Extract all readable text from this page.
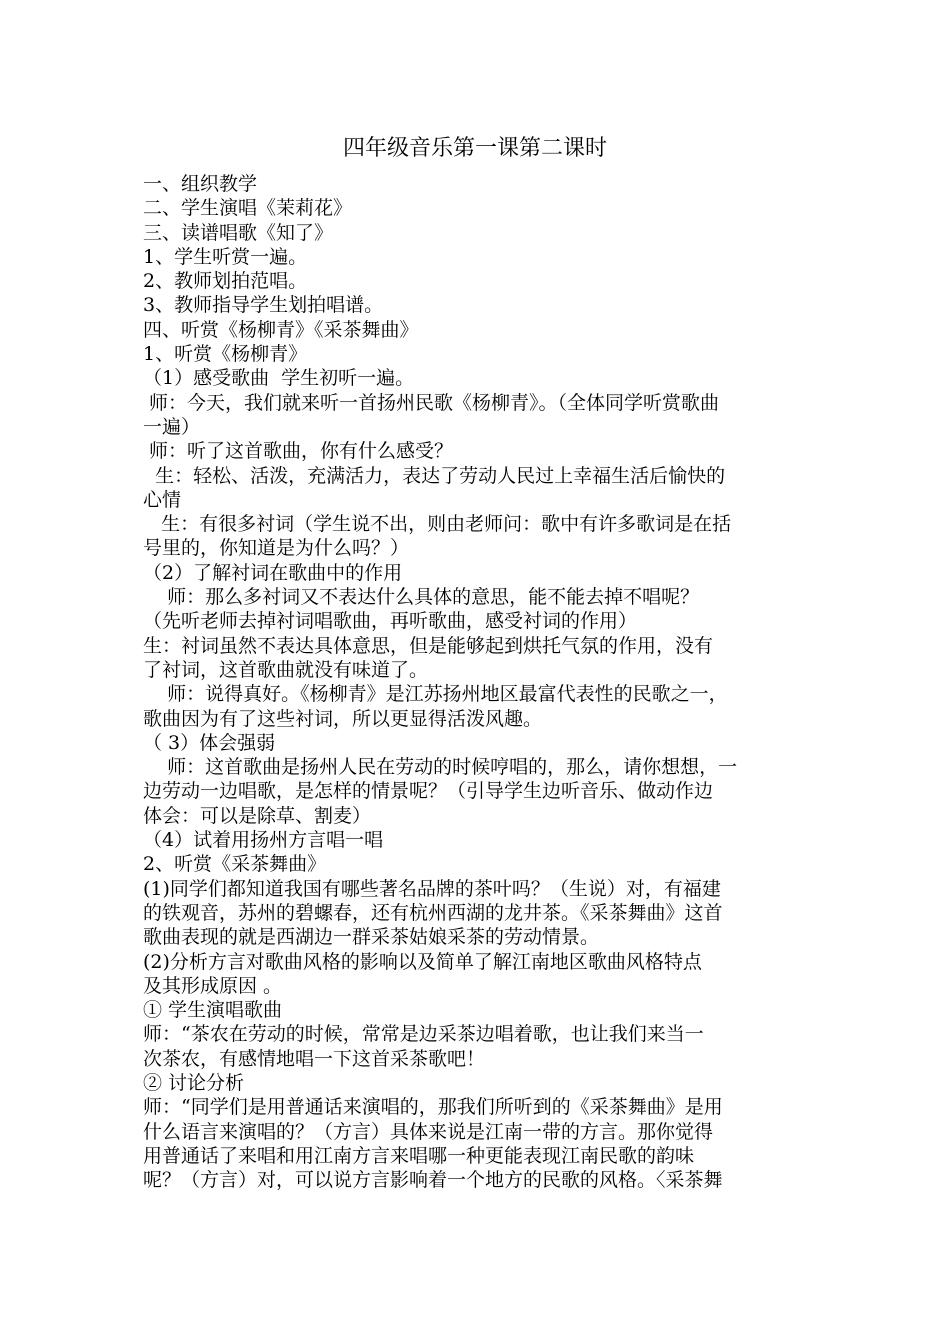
四年级音乐第一课第二课时
一、组织教学
二、学生演唱《茉莉花》
三、读谱唱歌《知了》
1、学生听赏一遍。
2、教师划拍范唱。
3、教师指导学生划拍唱谱。
四、听赏《杨柳青》《采茶舞曲》
1、听赏《杨柳青》
（1）感受歌曲  学生初听一遍。
师：今天，我们就来听一首扬州民歌《杨柳青》。（全体同学听赏歌曲
一遍）
师：听了这首歌曲，你有什么感受？
生：轻松、活泼，充满活力，表达了劳动人民过上幸福生活后愉快的
心情
生：有很多衬词（学生说不出，则由老师问：歌中有许多歌词是在括
号里的，你知道是为什么吗？）
（2）了解衬词在歌曲中的作用
师：那么多衬词又不表达什么具体的意思，能不能去掉不唱呢？
（先听老师去掉衬词唱歌曲，再听歌曲，感受衬词的作用）
生：衬词虽然不表达具体意思，但是能够起到烘托气氛的作用，没有
了衬词，这首歌曲就没有味道了。
师：说得真好。《杨柳青》是江苏扬州地区最富代表性的民歌之一，
歌曲因为有了这些衬词，所以更显得活泼风趣。
（ 3）体会强弱
师：这首歌曲是扬州人民在劳动的时候哼唱的，那么，请你想想，一
边劳动一边唱歌，是怎样的情景呢？（引导学生边听音乐、做动作边
体会：可以是除草、割麦）
（4）试着用扬州方言唱一唱
2、听赏《采茶舞曲》
(1)同学们都知道我国有哪些著名品牌的茶叶吗？（生说）对，有福建
的铁观音，苏州的碧螺春，还有杭州西湖的龙井茶。《采茶舞曲》这首
歌曲表现的就是西湖边一群采茶姑娘采茶的劳动情景。
(2)分析方言对歌曲风格的影响以及简单了解江南地区歌曲风格特点
及其形成原因 。
① 学生演唱歌曲
师：“茶农在劳动的时候，常常是边采茶边唱着歌，也让我们来当一
次茶农，有感情地唱一下这首采茶歌吧！
② 讨论分析
师：“同学们是用普通话来演唱的，那我们所听到的《采茶舞曲》是用
什么语言来演唱的？（方言）具体来说是江南一带的方言。那你觉得
用普通话了来唱和用江南方言来唱哪一种更能表现江南民歌的韵味
呢？（方言）对，可以说方言影响着一个地方的民歌的风格。〈采茶舞
